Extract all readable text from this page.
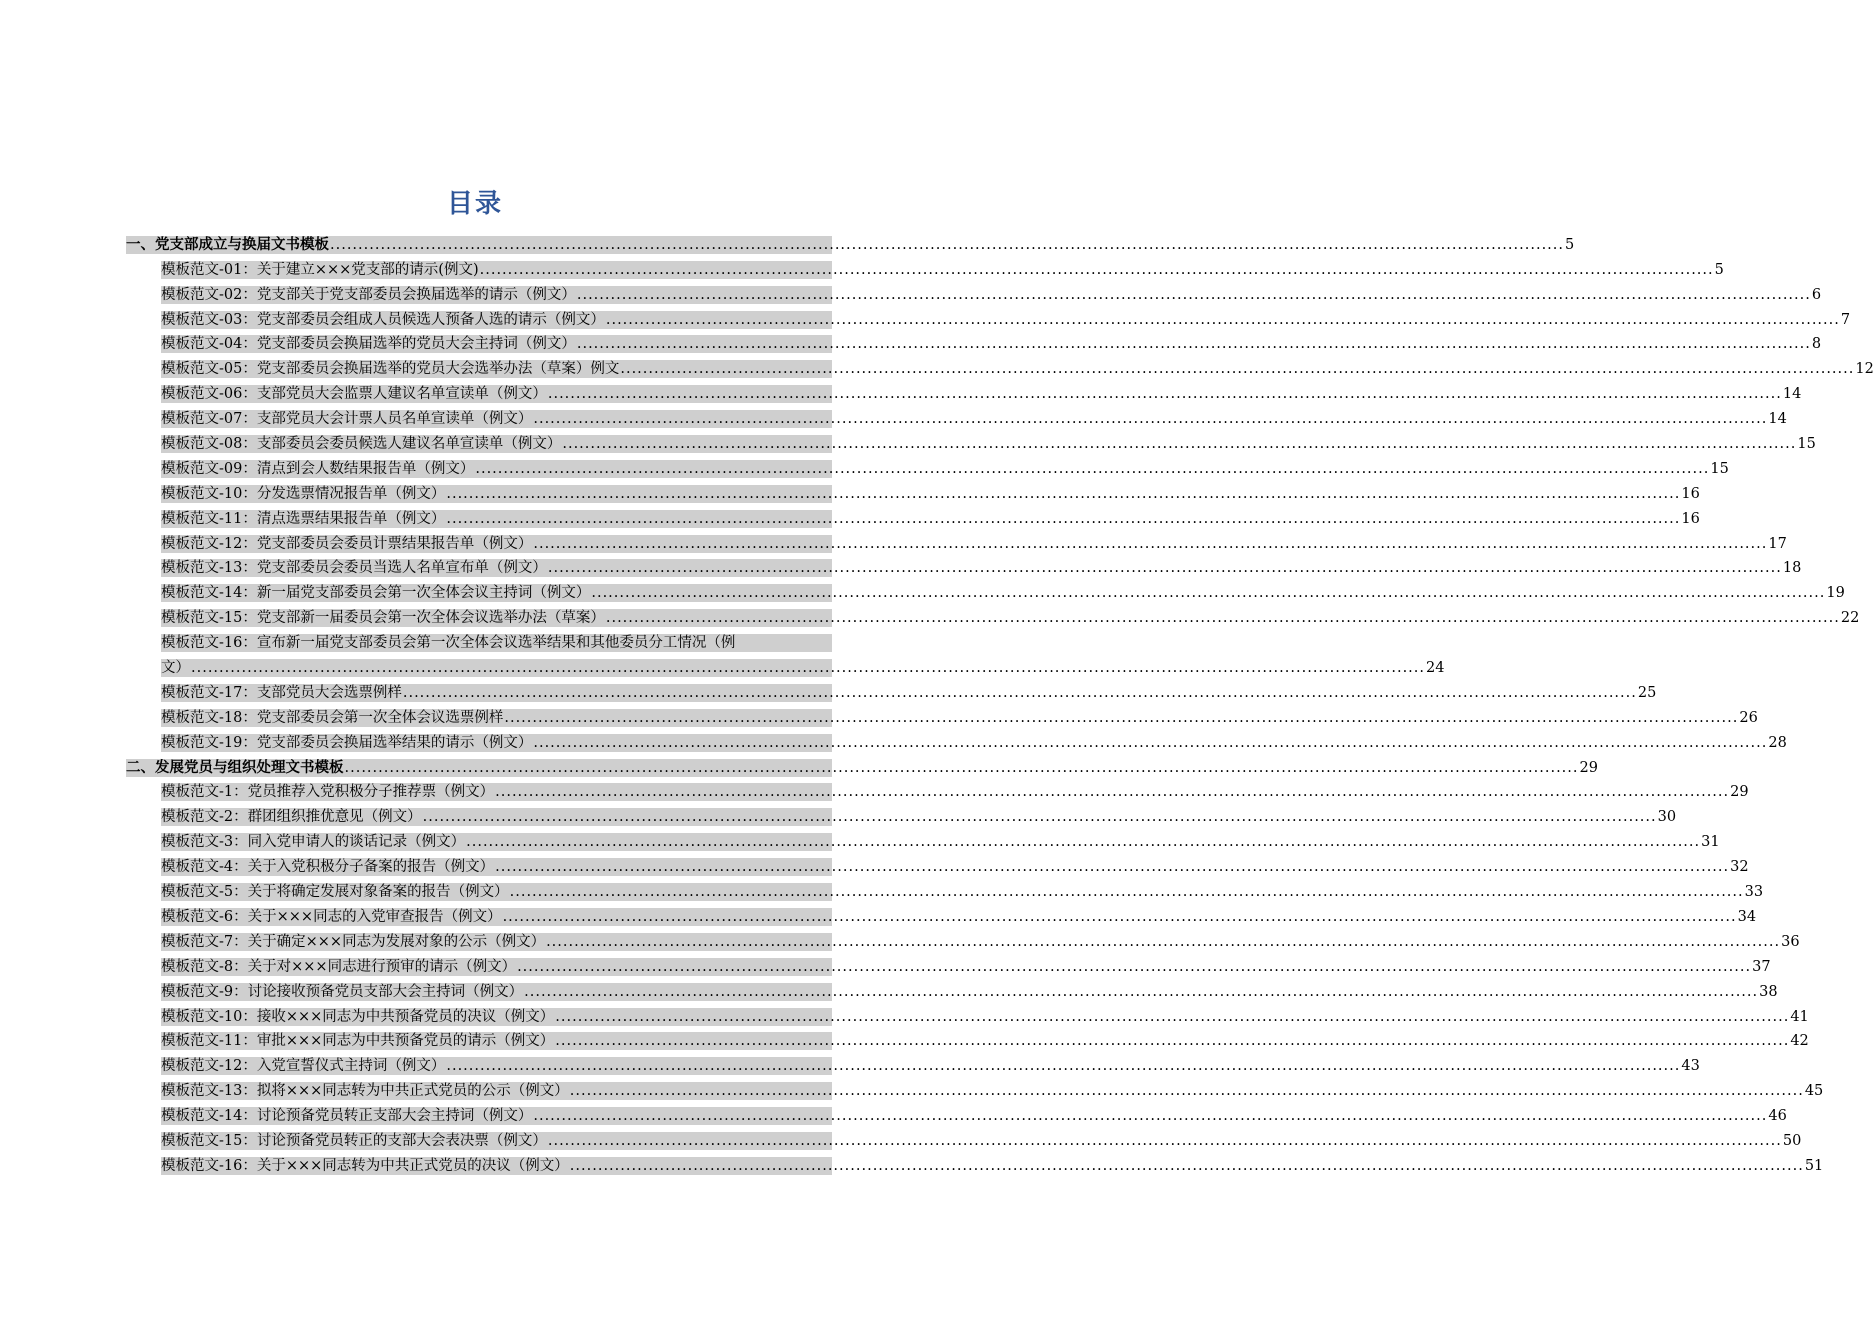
目录
一、党支部成立与换届文书模板 ............................................................................................................................................................................................................................ 5
模板范文-01：关于建立×××党支部的请示(例文) ............................................................................................................................................................................................................................ 5
模板范文-02：党支部关于党支部委员会换届选举的请示（例文） ............................................................................................................................................................................................................................ 6
模板范文-03：党支部委员会组成人员候选人预备人选的请示（例文） ............................................................................................................................................................................................................................ 7
模板范文-04：党支部委员会换届选举的党员大会主持词（例文） ............................................................................................................................................................................................................................ 8
模板范文-05：党支部委员会换届选举的党员大会选举办法（草案）例文 ............................................................................................................................................................................................................................ 12
模板范文-06：支部党员大会监票人建议名单宣读单（例文） ............................................................................................................................................................................................................................ 14
模板范文-07：支部党员大会计票人员名单宣读单（例文） ............................................................................................................................................................................................................................ 14
模板范文-08：支部委员会委员候选人建议名单宣读单（例文） ............................................................................................................................................................................................................................ 15
模板范文-09：清点到会人数结果报告单（例文） ............................................................................................................................................................................................................................ 15
模板范文-10：分发选票情况报告单（例文） ............................................................................................................................................................................................................................ 16
模板范文-11：清点选票结果报告单（例文） ............................................................................................................................................................................................................................ 16
模板范文-12：党支部委员会委员计票结果报告单（例文） ............................................................................................................................................................................................................................ 17
模板范文-13：党支部委员会委员当选人名单宣布单（例文） ............................................................................................................................................................................................................................ 18
模板范文-14：新一届党支部委员会第一次全体会议主持词（例文） ............................................................................................................................................................................................................................ 19
模板范文-15：党支部新一届委员会第一次全体会议选举办法（草案） ............................................................................................................................................................................................................................ 22
模板范文-16：宣布新一届党支部委员会第一次全体会议选举结果和其他委员分工情况（例
文） ............................................................................................................................................................................................................................ 24
模板范文-17：支部党员大会选票例样 ............................................................................................................................................................................................................................ 25
模板范文-18：党支部委员会第一次全体会议选票例样 ............................................................................................................................................................................................................................ 26
模板范文-19：党支部委员会换届选举结果的请示（例文） ............................................................................................................................................................................................................................ 28
二、发展党员与组织处理文书模板 ............................................................................................................................................................................................................................ 29
模板范文-1：党员推荐入党积极分子推荐票（例文） ............................................................................................................................................................................................................................ 29
模板范文-2：群团组织推优意见（例文） ............................................................................................................................................................................................................................ 30
模板范文-3：同入党申请人的谈话记录（例文） ............................................................................................................................................................................................................................ 31
模板范文-4：关于入党积极分子备案的报告（例文） ............................................................................................................................................................................................................................ 32
模板范文-5：关于将确定发展对象备案的报告（例文） ............................................................................................................................................................................................................................ 33
模板范文-6：关于×××同志的入党审查报告（例文） ............................................................................................................................................................................................................................ 34
模板范文-7：关于确定×××同志为发展对象的公示（例文） ............................................................................................................................................................................................................................ 36
模板范文-8：关于对×××同志进行预审的请示（例文） ............................................................................................................................................................................................................................ 37
模板范文-9：讨论接收预备党员支部大会主持词（例文） ............................................................................................................................................................................................................................ 38
模板范文-10：接收×××同志为中共预备党员的决议（例文） ............................................................................................................................................................................................................................ 41
模板范文-11：审批×××同志为中共预备党员的请示（例文） ............................................................................................................................................................................................................................ 42
模板范文-12：入党宣誓仪式主持词（例文） ............................................................................................................................................................................................................................ 43
模板范文-13：拟将×××同志转为中共正式党员的公示（例文） ............................................................................................................................................................................................................................ 45
模板范文-14：讨论预备党员转正支部大会主持词（例文） ............................................................................................................................................................................................................................ 46
模板范文-15：讨论预备党员转正的支部大会表决票（例文） ............................................................................................................................................................................................................................ 50
模板范文-16：关于×××同志转为中共正式党员的决议（例文） ............................................................................................................................................................................................................................ 51
